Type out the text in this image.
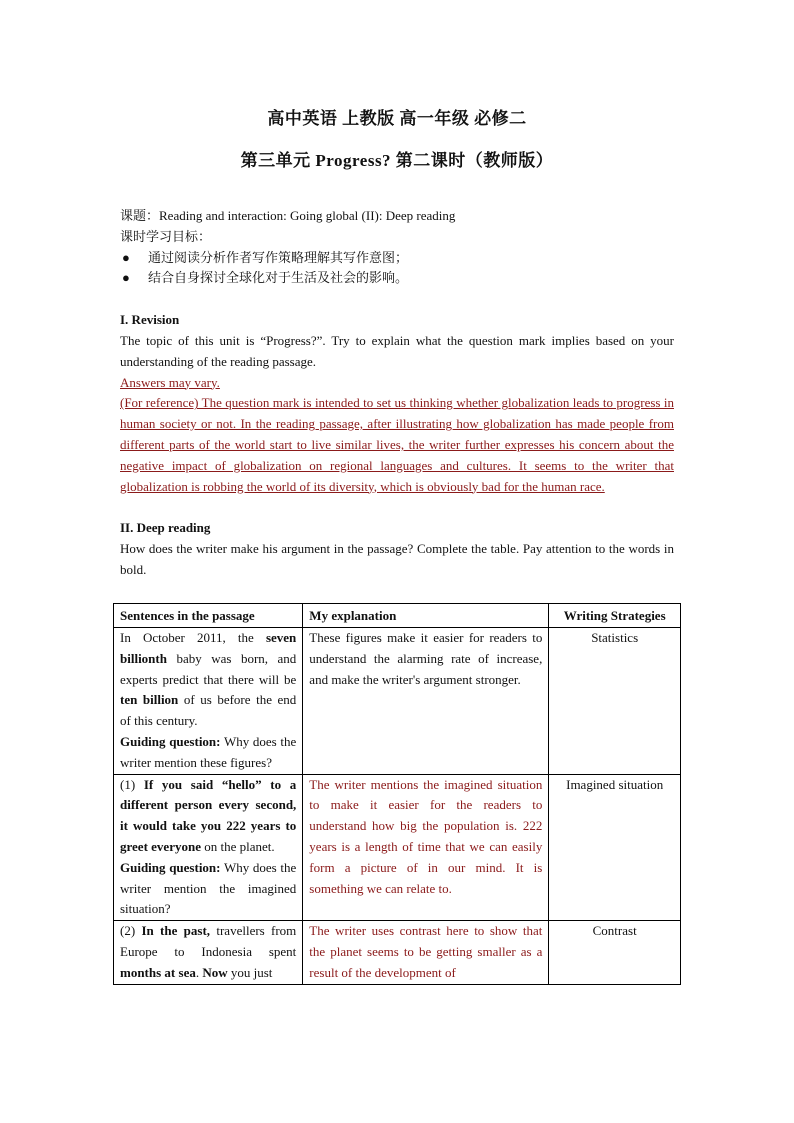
高中英语 上教版 高一年级 必修二
第三单元 Progress? 第二课时（教师版）
课题：Reading and interaction: Going global (II): Deep reading
课时学习目标：
● 通过阅读分析作者写作策略理解其写作意图；
● 结合自身探讨全球化对于生活及社会的影响。
I. Revision
The topic of this unit is “Progress?”. Try to explain what the question mark implies based on your understanding of the reading passage.
Answers may vary.
(For reference) The question mark is intended to set us thinking whether globalization leads to progress in human society or not. In the reading passage, after illustrating how globalization has made people from different parts of the world start to live similar lives, the writer further expresses his concern about the negative impact of globalization on regional languages and cultures. It seems to the writer that globalization is robbing the world of its diversity, which is obviously bad for the human race.
II. Deep reading
How does the writer make his argument in the passage? Complete the table. Pay attention to the words in bold.
Sentences in the passage	My explanation	Writing Strategies

In October 2011, the seven billionth baby was born, and experts predict that there will be ten billion of us before the end of this century.
Guiding question: Why does the writer mention these figures?	These figures make it easier for readers to understand the alarming rate of increase, and make the writer's argument stronger.	Statistics

(1) If you said “hello” to a different person every second, it would take you 222 years to greet everyone on the planet.
Guiding question: Why does the writer mention the imagined situation?	The writer mentions the imagined situation to make it easier for the readers to understand how big the population is. 222 years is a length of time that we can easily form a picture of in our mind. It is something we can relate to.	Imagined situation

(2) In the past, travellers from Europe to Indonesia spent months at sea. Now you just	The writer uses contrast here to show that the planet seems to be getting smaller as a result of the development of	Contrast
